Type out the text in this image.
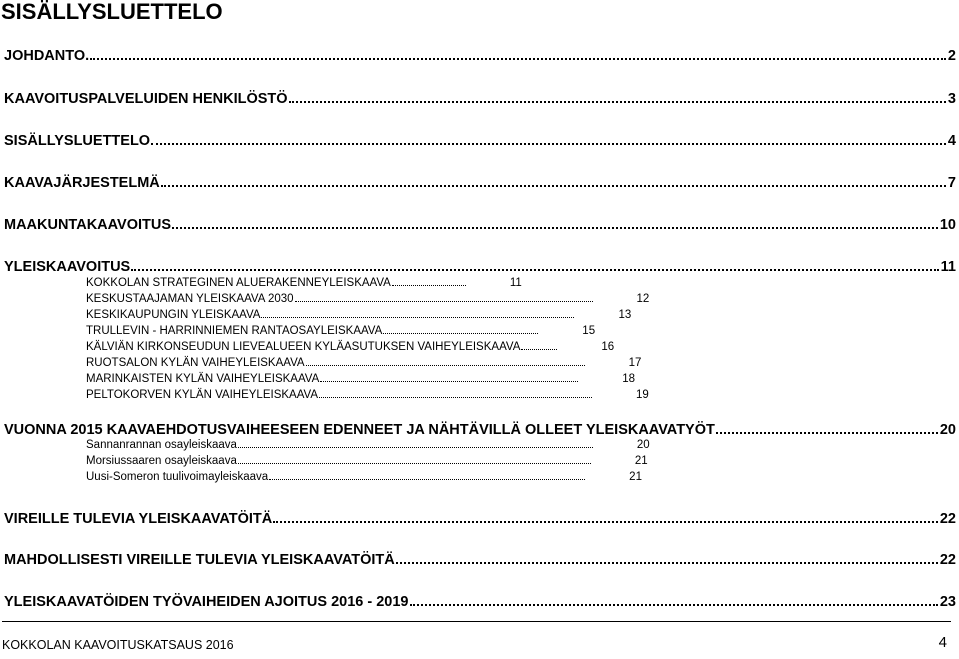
SISÄLLYSLUETTELO
JOHDANTO.	2
KAAVOITUSPALVELUIDEN HENKILÖSTÖ	3
SISÄLLYSLUETTELO	4
KAAVAJÄRJESTELMÄ	7
MAAKUNTAKAAVOITUS	10
YLEISKAAVOITUS	11
KOKKOLAN STRATEGINEN ALUERAKENNEYLEISKAAVA	11
KESKUSTAAJAMAN YLEISKAAVA 2030	12
KESKIKAUPUNGIN YLEISKAAVA	13
TRULLEVIN - HARRINNIEMEN RANTAOSAYLEISKAAVA	15
KÄLVIÄN KIRKONSEUDUN LIEVEALUEEN KYLÄASUTUKSEN VAIHEYLEISKAAVA	16
RUOTSALON KYLÄN VAIHEYLEISKAAVA	17
MARINKAISTEN KYLÄN VAIHEYLEISKAAVA	18
PELTOKORVEN KYLÄN VAIHEYLEISKAAVA	19
VUONNA 2015 KAAVAEHDOTUSVAIHEESEEN EDENNEET JA NÄHTÄVILLÄ OLLEET YLEISKAAVATYÖT	20
Sannanrannan osayleiskaava	20
Morsiussaaren osayleiskaava	21
Uusi-Someron tuulivoimayleiskaava	21
VIREILLE TULEVIA YLEISKAAVATÖITÄ	22
MAHDOLLISESTI VIREILLE TULEVIA YLEISKAAVATÖITÄ	22
YLEISKAAVATÖIDEN TYÖVAIHEIDEN AJOITUS 2016 - 2019	23
KOKKOLAN KAAVOITUSKATSAUS 2016	4
